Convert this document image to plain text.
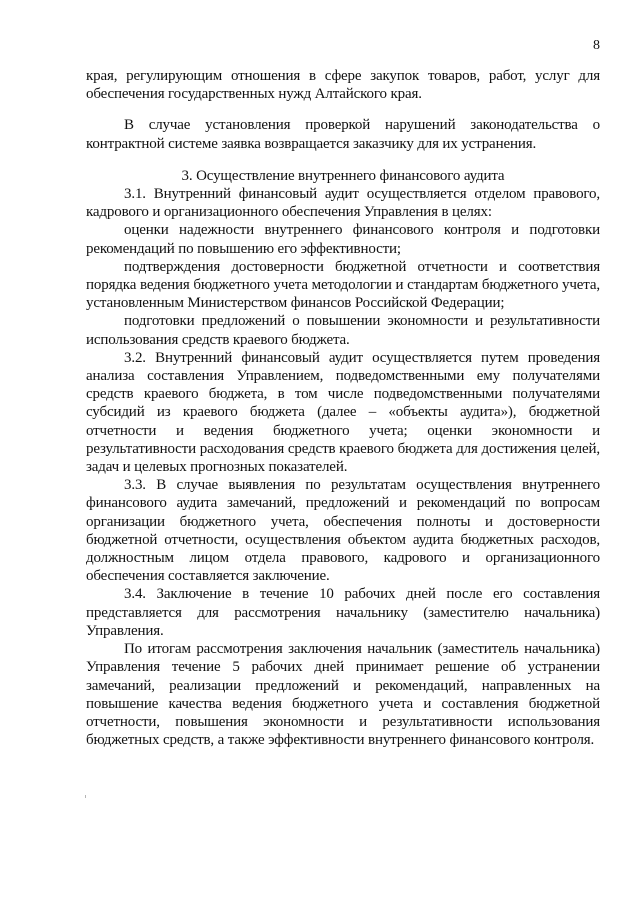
8

края, регулирующим отношения в сфере закупок товаров, работ, услуг для обеспечения государственных нужд Алтайского края.

В случае установления проверкой нарушений законодательства о контрактной системе заявка возвращается заказчику для их устранения.

3. Осуществление внутреннего финансового аудита

3.1. Внутренний финансовый аудит осуществляется отделом правового, кадрового и организационного обеспечения Управления в целях:

оценки надежности внутреннего финансового контроля и подготовки рекомендаций по повышению его эффективности;

подтверждения достоверности бюджетной отчетности и соответствия порядка ведения бюджетного учета методологии и стандартам бюджетного учета, установленным Министерством финансов Российской Федерации;

подготовки предложений о повышении экономности и результативности использования средств краевого бюджета.

3.2. Внутренний финансовый аудит осуществляется путем проведения анализа составления Управлением, подведомственными ему получателями средств краевого бюджета, в том числе подведомственными получателями субсидий из краевого бюджета (далее – «объекты аудита»), бюджетной отчетности и ведения бюджетного учета; оценки экономности и результативности расходования средств краевого бюджета для достижения целей, задач и целевых прогнозных показателей.

3.3. В случае выявления по результатам осуществления внутреннего финансового аудита замечаний, предложений и рекомендаций по вопросам организации бюджетного учета, обеспечения полноты и достоверности бюджетной отчетности, осуществления объектом аудита бюджетных расходов, должностным лицом отдела правового, кадрового и организационного обеспечения составляется заключение.

3.4. Заключение в течение 10 рабочих дней после его составления представляется для рассмотрения начальнику (заместителю начальника) Управления.

По итогам рассмотрения заключения начальник (заместитель начальника) Управления течение 5 рабочих дней принимает решение об устранении замечаний, реализации предложений и рекомендаций, направленных на повышение качества ведения бюджетного учета и составления бюджетной отчетности, повышения экономности и результативности использования бюджетных средств, а также эффективности внутреннего финансового контроля.
